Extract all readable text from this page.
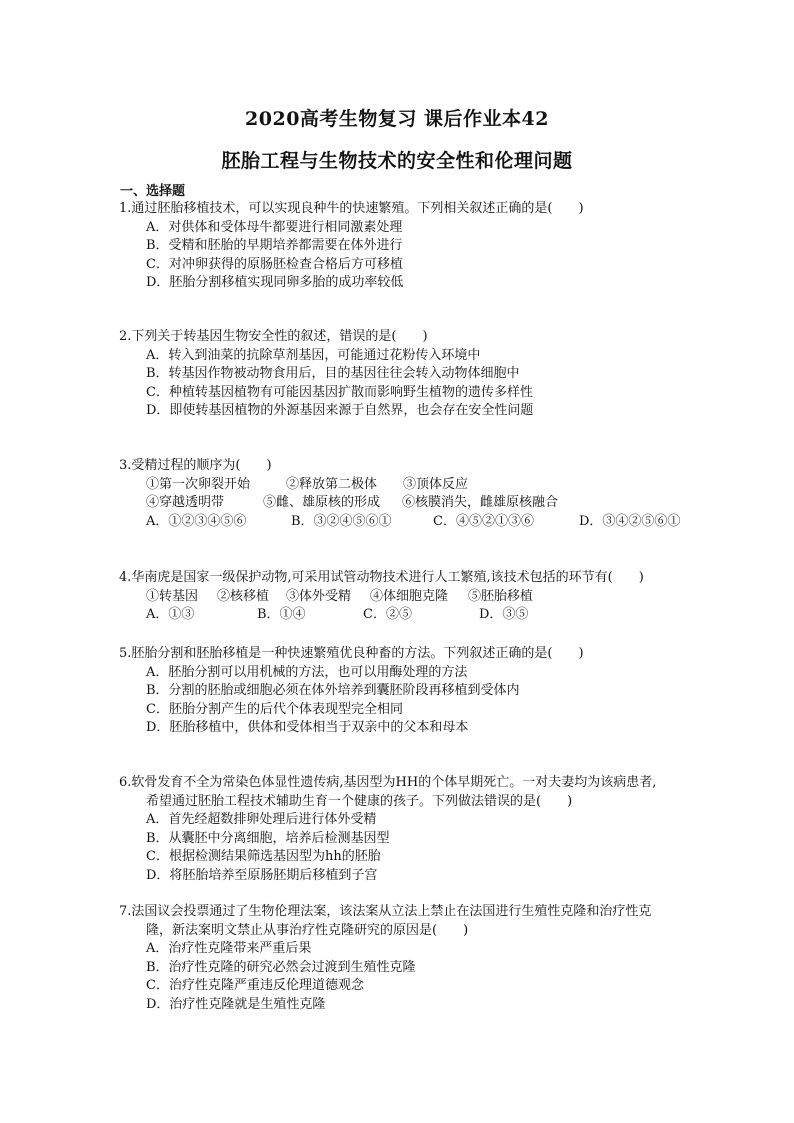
2020高考生物复习 课后作业本42
胚胎工程与生物技术的安全性和伦理问题
一、选择题
1.通过胚胎移植技术，可以实现良种牛的快速繁殖。下列相关叙述正确的是(　　)
A．对供体和受体母牛都要进行相同激素处理
B．受精和胚胎的早期培养都需要在体外进行
C．对冲卵获得的原肠胚检查合格后方可移植
D．胚胎分割移植实现同卵多胎的成功率较低
2.下列关于转基因生物安全性的叙述，错误的是(　　)
A．转入到油菜的抗除草剂基因，可能通过花粉传入环境中
B．转基因作物被动物食用后，目的基因往往会转入动物体细胞中
C．种植转基因植物有可能因基因扩散而影响野生植物的遗传多样性
D．即使转基因植物的外源基因来源于自然界，也会存在安全性问题
3.受精过程的顺序为(　　)
①第一次卵裂开始	②释放第二极体	③顶体反应
④穿越透明带	⑤雌、雄原核的形成	⑥核膜消失，雌雄原核融合
A．①②③④⑤⑥	B．③②④⑤⑥①	C．④⑤②①③⑥	D．③④②⑤⑥①
4.华南虎是国家一级保护动物,可采用试管动物技术进行人工繁殖,该技术包括的环节有(　　)
①转基因	②核移植	③体外受精	④体细胞克隆	⑤胚胎移植
A．①③	B．①④	C．②⑤	D．③⑤
5.胚胎分割和胚胎移植是一种快速繁殖优良种畜的方法。下列叙述正确的是(　　)
A．胚胎分割可以用机械的方法，也可以用酶处理的方法
B．分割的胚胎或细胞必须在体外培养到囊胚阶段再移植到受体内
C．胚胎分割产生的后代个体表现型完全相同
D．胚胎移植中，供体和受体相当于双亲中的父本和母本
6.软骨发育不全为常染色体显性遗传病,基因型为HH的个体早期死亡。一对夫妻均为该病患者,
希望通过胚胎工程技术辅助生育一个健康的孩子。下列做法错误的是(　　)
A．首先经超数排卵处理后进行体外受精
B．从囊胚中分离细胞，培养后检测基因型
C．根据检测结果筛选基因型为hh的胚胎
D．将胚胎培养至原肠胚期后移植到子宫
7.法国议会投票通过了生物伦理法案，该法案从立法上禁止在法国进行生殖性克隆和治疗性克
隆，新法案明文禁止从事治疗性克隆研究的原因是(　　)
A．治疗性克隆带来严重后果
B．治疗性克隆的研究必然会过渡到生殖性克隆
C．治疗性克隆严重违反伦理道德观念
D．治疗性克隆就是生殖性克隆
